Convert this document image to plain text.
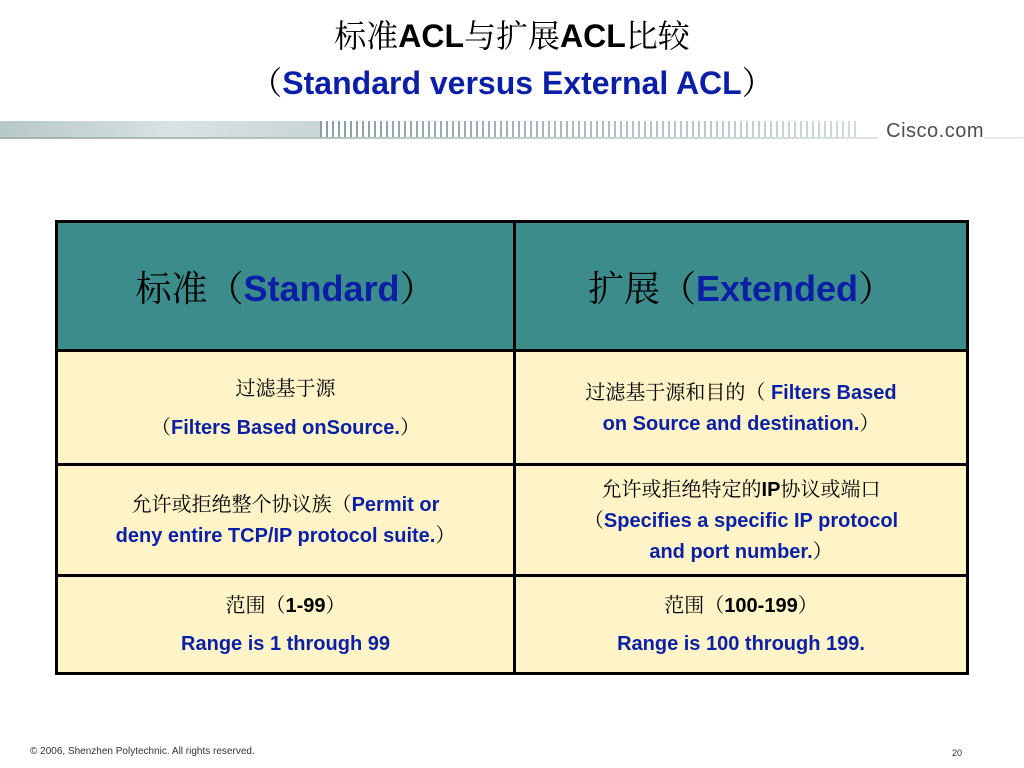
标准ACL与扩展ACL比较
（Standard versus External ACL）
Cisco.com
标准（Standard）	扩展（Extended）
过滤基于源
（Filters Based onSource.）
过滤基于源和目的（ Filters Based
on Source and destination.）
允许或拒绝整个协议族（Permit or
deny entire TCP/IP protocol suite.）
允许或拒绝特定的IP协议或端口
（Specifies a specific IP protocol
and port number.）
范围（1-99）
Range is 1 through 99
范围（100-199）
Range is 100 through 199.
© 2006, Shenzhen Polytechnic. All rights reserved.	20
